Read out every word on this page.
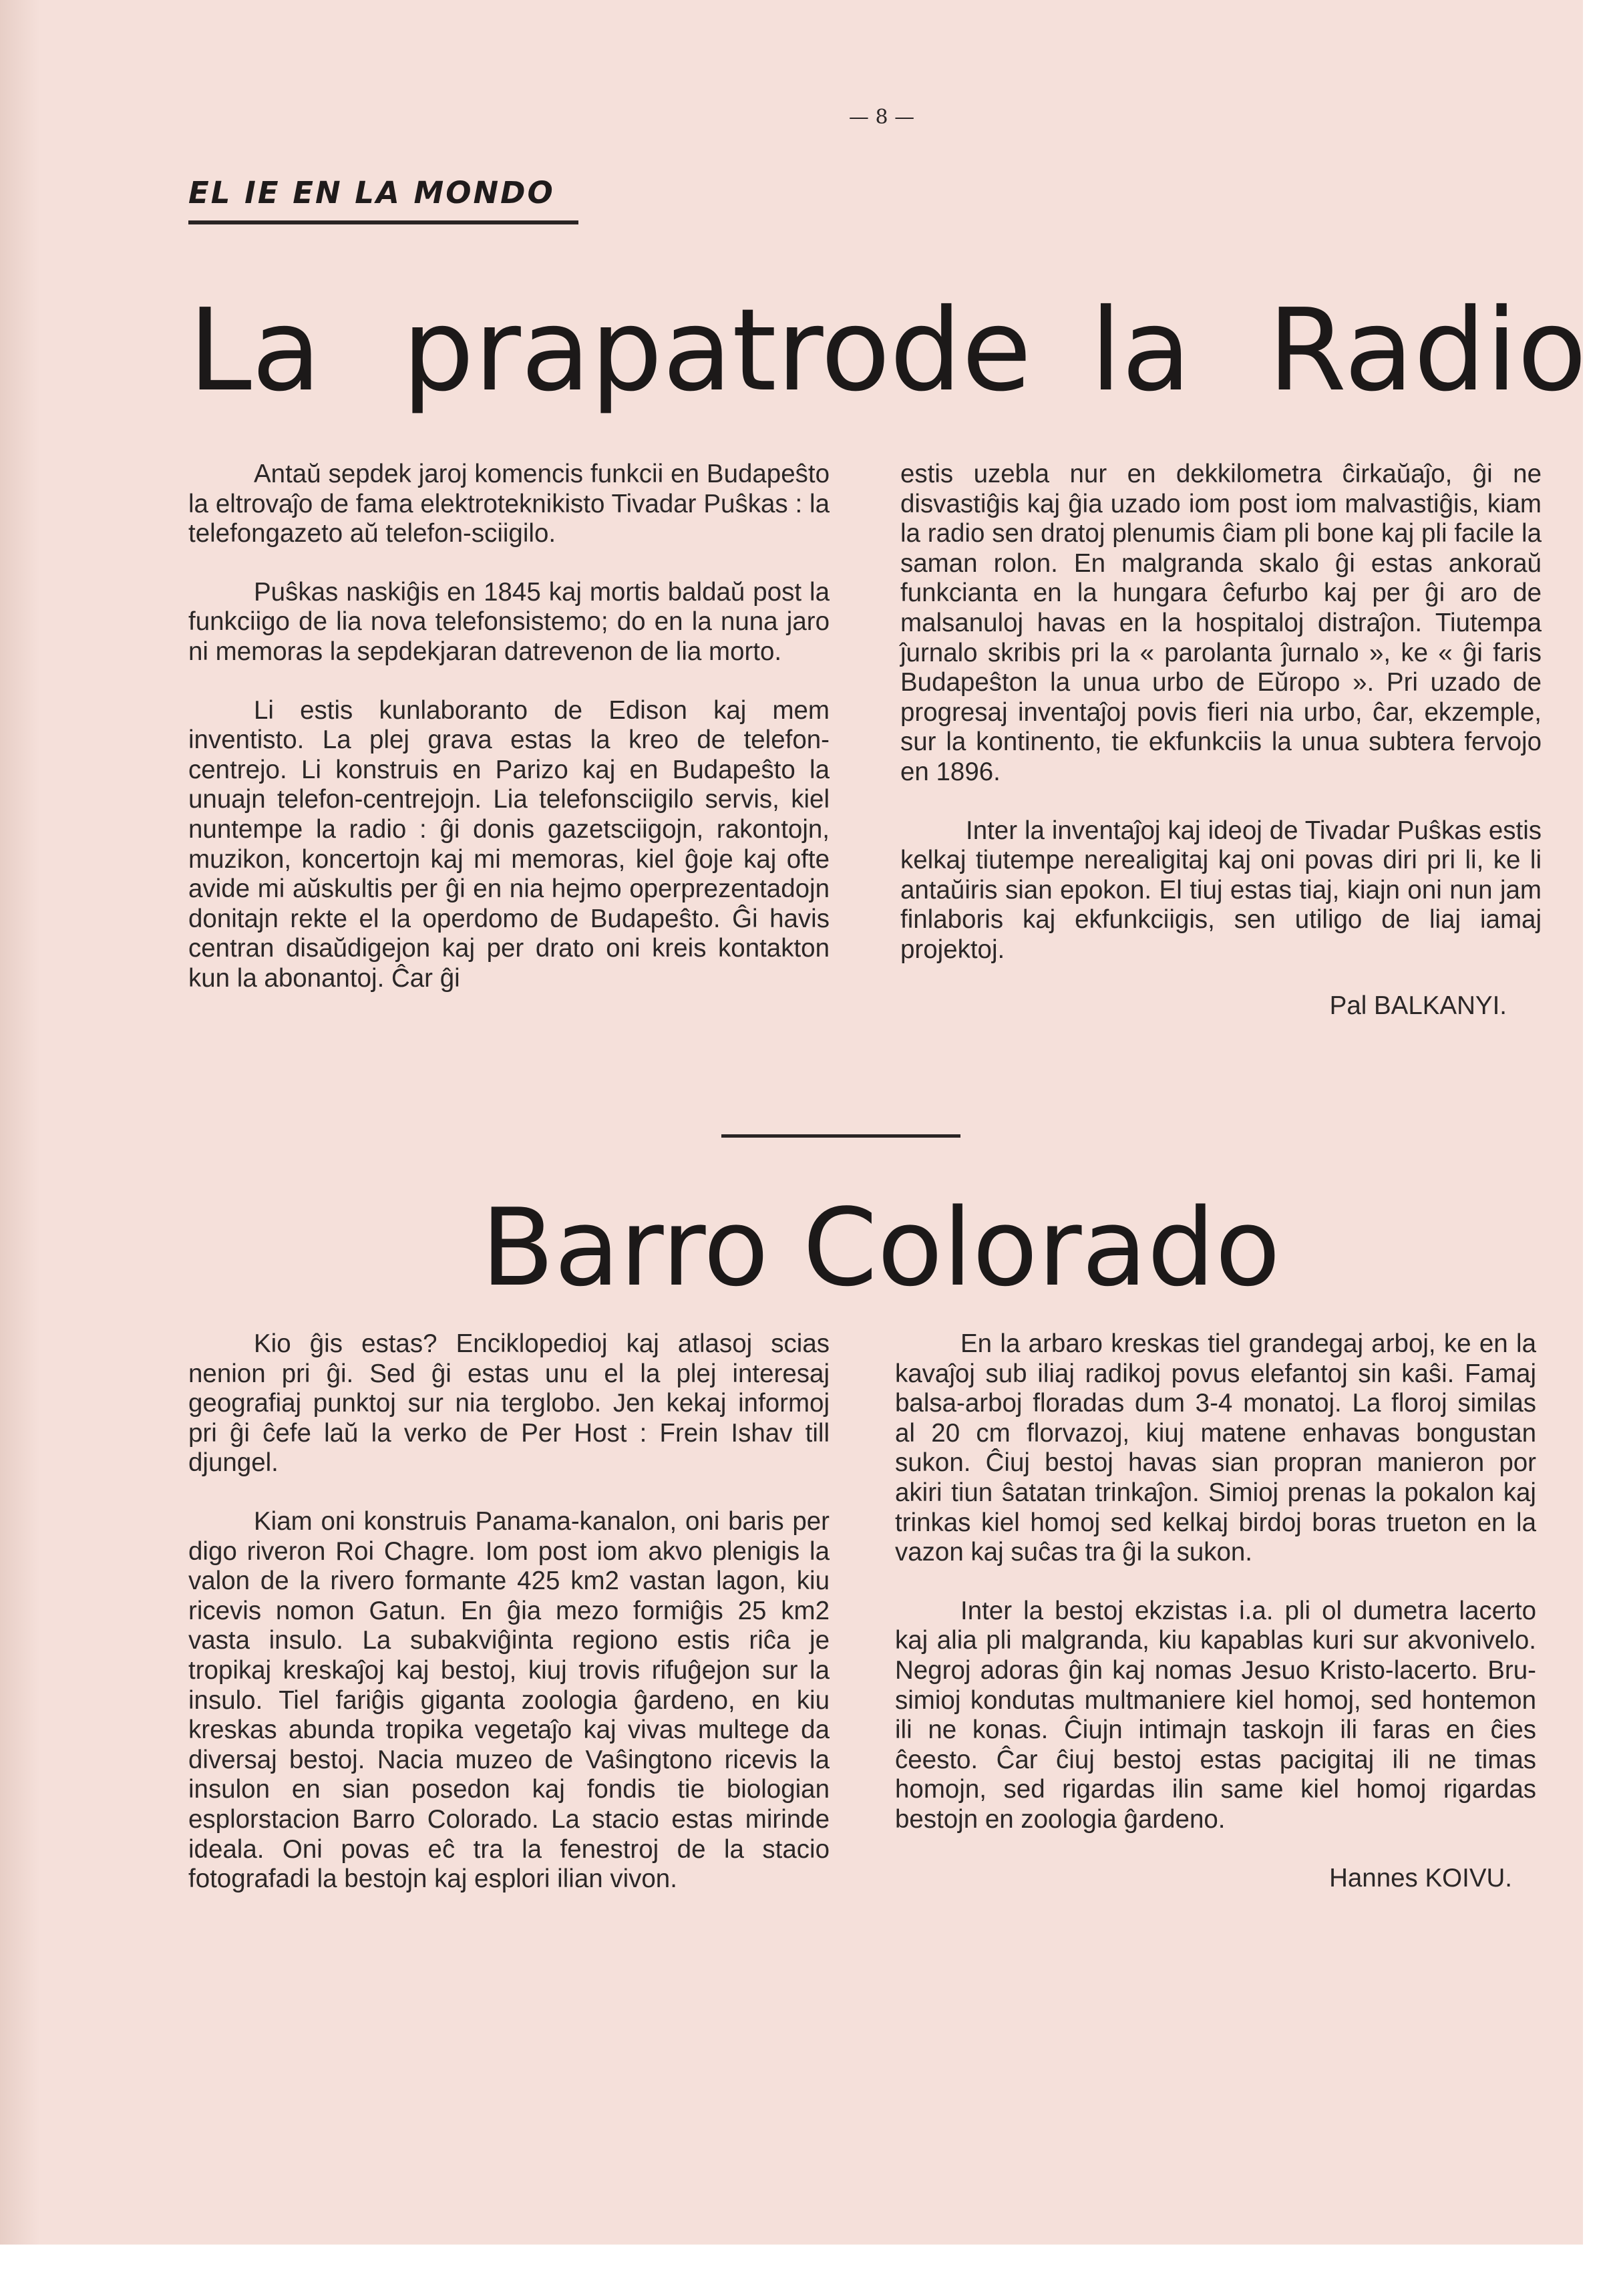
— 8 —
EL IE EN LA MONDO
La prapatro de la Radio

Antaŭ sepdek jaroj komencis funkcii en Budapeŝto la eltrovaĵo de fama elektroteknikisto Tivadar Puŝkas : la telefongazeto aŭ telefon-sciigilo.

Puŝkas naskiĝis en 1845 kaj mortis baldaŭ post la funkciigo de lia nova telefonsistemo; do en la nuna jaro ni memoras la sepdekjaran datrevenon de lia morto.

Li estis kunlaboranto de Edison kaj mem inventisto. La plej grava estas la kreo de telefon-centrejo. Li konstruis en Parizo kaj en Budapeŝto la unuajn telefon-centrejojn. Lia telefonsciigilo servis, kiel nuntempe la radio : ĝi donis gazetsciigojn, rakontojn, muzikon, koncertojn kaj mi memoras, kiel ĝoje kaj ofte avide mi aŭskultis per ĝi en nia hejmo operprezentadojn donitajn rekte el la operdomo de Budapeŝto. Ĝi havis centran disaŭdigejon kaj per drato oni kreis kontakton kun la abonantoj. Ĉar ĝi

estis uzebla nur en dekkilometra ĉirkaŭaĵo, ĝi ne disvastiĝis kaj ĝia uzado iom post iom malvastiĝis, kiam la radio sen dratoj plenumis ĉiam pli bone kaj pli facile la saman rolon. En malgranda skalo ĝi estas ankoraŭ funkcianta en la hungara ĉefurbo kaj per ĝi aro de malsanuloj havas en la hospitaloj distraĵon. Tiutempa ĵurnalo skribis pri la « parolanta ĵurnalo », ke « ĝi faris Budapeŝton la unua urbo de Eŭropo ». Pri uzado de progresaj inventaĵoj povis fieri nia urbo, ĉar, ekzemple, sur la kontinento, tie ekfunkciis la unua subtera fervojo en 1896.

Inter la inventaĵoj kaj ideoj de Tivadar Puŝkas estis kelkaj tiutempe nerealigitaj kaj oni povas diri pri li, ke li antaŭiris sian epokon. El tiuj estas tiaj, kiajn oni nun jam finlaboris kaj ekfunkciigis, sen utiligo de liaj iamaj projektoj.

Pal BALKANYI.
Barro Colorado

Kio ĝis estas? Enciklopedioj kaj atlasoj scias nenion pri ĝi. Sed ĝi estas unu el la plej interesaj geografiaj punktoj sur nia terglobo. Jen kekaj informoj pri ĝi ĉefe laŭ la verko de Per Host : Frein Ishav till djungel.

Kiam oni konstruis Panama-kanalon, oni baris per digo riveron Roi Chagre. Iom post iom akvo plenigis la valon de la rivero formante 425 km2 vastan lagon, kiu ricevis nomon Gatun. En ĝia mezo formiĝis 25 km2 vasta insulo. La subakviĝinta regiono estis riĉa je tropikaj kreskaĵoj kaj bestoj, kiuj trovis rifuĝejon sur la insulo. Tiel fariĝis giganta zoologia ĝardeno, en kiu kreskas abunda tropika vegetaĵo kaj vivas multege da diversaj bestoj. Nacia muzeo de Vaŝingtono ricevis la insulon en sian posedon kaj fondis tie biologian esplorstacion Barro Colorado. La stacio estas mirinde ideala. Oni povas eĉ tra la fenestroj de la stacio fotografadi la bestojn kaj esplori ilian vivon.

En la arbaro kreskas tiel grandegaj arboj, ke en la kavaĵoj sub iliaj radikoj povus elefantoj sin kaŝi. Famaj balsa-arboj floradas dum 3-4 monatoj. La floroj similas al 20 cm florvazoj, kiuj matene enhavas bongustan sukon. Ĉiuj bestoj havas sian propran manieron por akiri tiun ŝatatan trinkaĵon. Simioj prenas la pokalon kaj trinkas kiel homoj sed kelkaj birdoj boras trueton en la vazon kaj suĉas tra ĝi la sukon.

Inter la bestoj ekzistas i.a. pli ol dumetra lacerto kaj alia pli malgranda, kiu kapablas kuri sur akvonivelo. Negroj adoras ĝin kaj nomas Jesuo Kristo-lacerto. Bru-simioj kondutas multmaniere kiel homoj, sed hontemon ili ne konas. Ĉiujn intimajn taskojn ili faras en ĉies ĉeesto. Ĉar ĉiuj bestoj estas pacigitaj ili ne timas homojn, sed rigardas ilin same kiel homoj rigardas bestojn en zoologia ĝardeno.

Hannes KOIVU.
